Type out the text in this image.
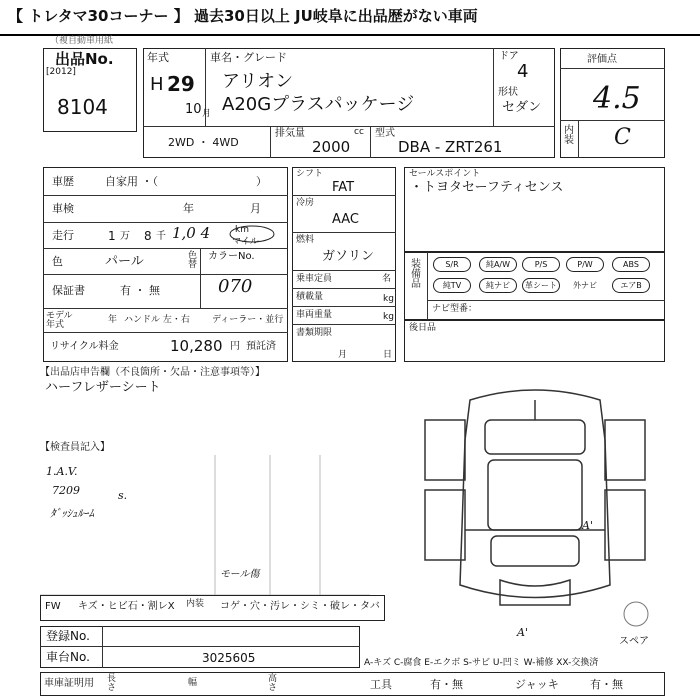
【 トレタマ30コーナー 】 過去30日以上 JU岐阜に出品歴がない車両
（複自動車用紙
出品No.
[2012]
8104
年式
H 29
10 月
車名・グレード
アリオン
A20Gプラスパッケージ
ドア
4
形状
セダン
2WD ・ 4WD
排気量	cc
2000
型式
DBA - ZRT261
評価点
4.5
内装 C
車歴	自家用 ・（	）
車検	年	月
走行	1 万 8 千 1,0 4	km
マイル
色	パール	色替
カラーNo.
070
保証書	有 ・ 無
モデル年式	年 ハンドル 左・右 ディーラー・並行
リサイクル料金	10,280 円 預託済
シフト
FAT
冷房
AAC
燃料
ガソリン
乗車定員	名
積載量	kg
車両重量	kg
書類期限
月	日
セールスポイント
・トヨタセーフティセンス
装備品
S/R	純A/W	P/S	P/W	ABS
純TV	純ナビ	革シート	外ナビ	エアB
ナビ型番：
後日品
【出品店申告欄（不良箇所・欠品・注意事項等）】
ハーフレザーシート
【検査員記入】
1.A.V.
7209
ﾀﾞｯｼｭﾙｰﾑ
s.
モール傷
FW キズ・ヒビ石・割レX 内装	コゲ・穴・汚レ・シミ・破レ・タバ
登録No.
車台No.	3025605
A'
A'
スペア
A-キズ C-腐食 E-エクボ S-サビ U-凹ミ W-補修 XX-交換済
車庫証明用 長さ	幅	高さ	工具	有・無	ジャッキ	有・無
